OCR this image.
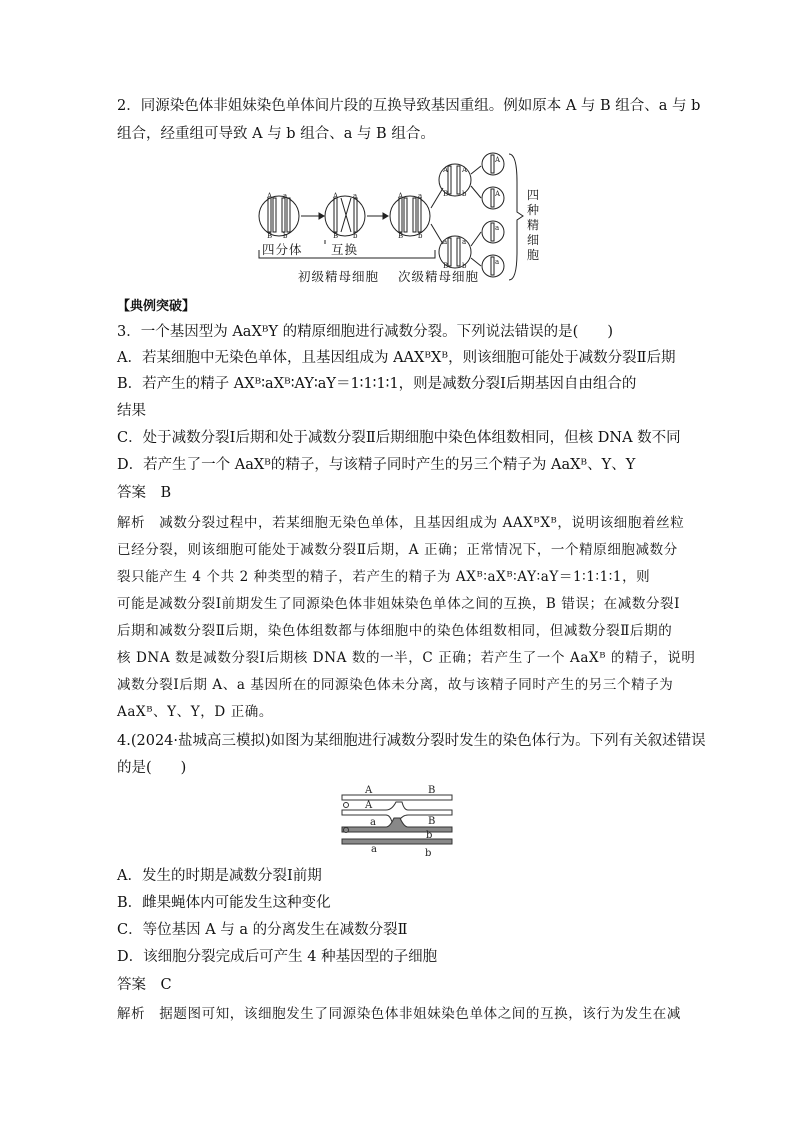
2．同源染色体非姐妹染色单体间片段的互换导致基因重组。例如原本 A 与 B 组合、a 与 b
组合，经重组可导致 A 与 b 组合、a 与 B 组合。
A a
B b
A a
B b
A a
B b
A A
B b
a a
B b
A
A
a
a
四分体 互换
初级精母细胞 次级精母细胞
四
种
精
细
胞
【典例突破】
3．一个基因型为 AaXᴮY 的精原细胞进行减数分裂。下列说法错误的是(　　)
A．若某细胞中无染色单体，且基因组成为 AAXᴮXᴮ，则该细胞可能处于减数分裂Ⅱ后期
B．若产生的精子 AXᴮ∶aXᴮ∶AY∶aY＝1∶1∶1∶1，则是减数分裂Ⅰ后期基因自由组合的
结果
C．处于减数分裂Ⅰ后期和处于减数分裂Ⅱ后期细胞中染色体组数相同，但核 DNA 数不同
D．若产生了一个 AaXᴮ的精子，与该精子同时产生的另三个精子为 AaXᴮ、Y、Y
答案　B
解析　减数分裂过程中，若某细胞无染色单体，且基因组成为 AAXᴮXᴮ，说明该细胞着丝粒
已经分裂，则该细胞可能处于减数分裂Ⅱ后期，A 正确；正常情况下，一个精原细胞减数分
裂只能产生 4 个共 2 种类型的精子，若产生的精子为 AXᴮ∶aXᴮ∶AY∶aY＝1∶1∶1∶1，则
可能是减数分裂Ⅰ前期发生了同源染色体非姐妹染色单体之间的互换，B 错误；在减数分裂Ⅰ
后期和减数分裂Ⅱ后期，染色体组数都与体细胞中的染色体组数相同，但减数分裂Ⅱ后期的
核 DNA 数是减数分裂Ⅰ后期核 DNA 数的一半，C 正确；若产生了一个 AaXᴮ 的精子，说明
减数分裂Ⅰ后期 A、a 基因所在的同源染色体未分离，故与该精子同时产生的另三个精子为
AaXᴮ、Y、Y，D 正确。
4.(2024·盐城高三模拟)如图为某细胞进行减数分裂时发生的染色体行为。下列有关叙述错误
的是(　　)
A	B
A
a	B
b
a	b
A．发生的时期是减数分裂Ⅰ前期
B．雌果蝇体内可能发生这种变化
C．等位基因 A 与 a 的分离发生在减数分裂Ⅱ
D．该细胞分裂完成后可产生 4 种基因型的子细胞
答案　C
解析　据题图可知，该细胞发生了同源染色体非姐妹染色单体之间的互换，该行为发生在减
